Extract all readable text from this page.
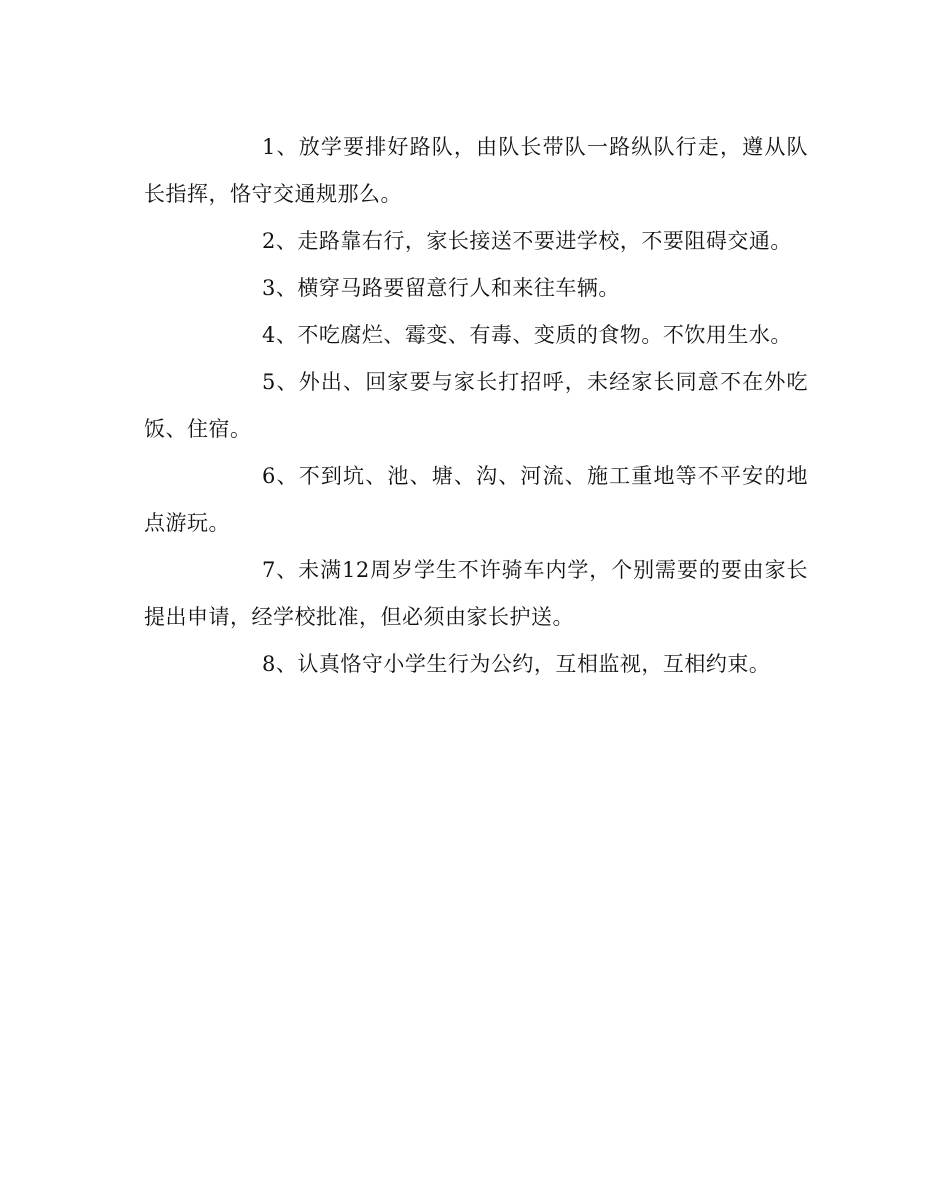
1、放学要排好路队，由队长带队一路纵队行走，遵从队长指挥，恪守交通规那么。

2、走路靠右行，家长接送不要进学校，不要阻碍交通。

3、横穿马路要留意行人和来往车辆。

4、不吃腐烂、霉变、有毒、变质的食物。不饮用生水。

5、外出、回家要与家长打招呼，未经家长同意不在外吃饭、住宿。

6、不到坑、池、塘、沟、河流、施工重地等不平安的地点游玩。

7、未满12周岁学生不许骑车内学，个别需要的要由家长提出申请，经学校批准，但必须由家长护送。

8、认真恪守小学生行为公约，互相监视，互相约束。
